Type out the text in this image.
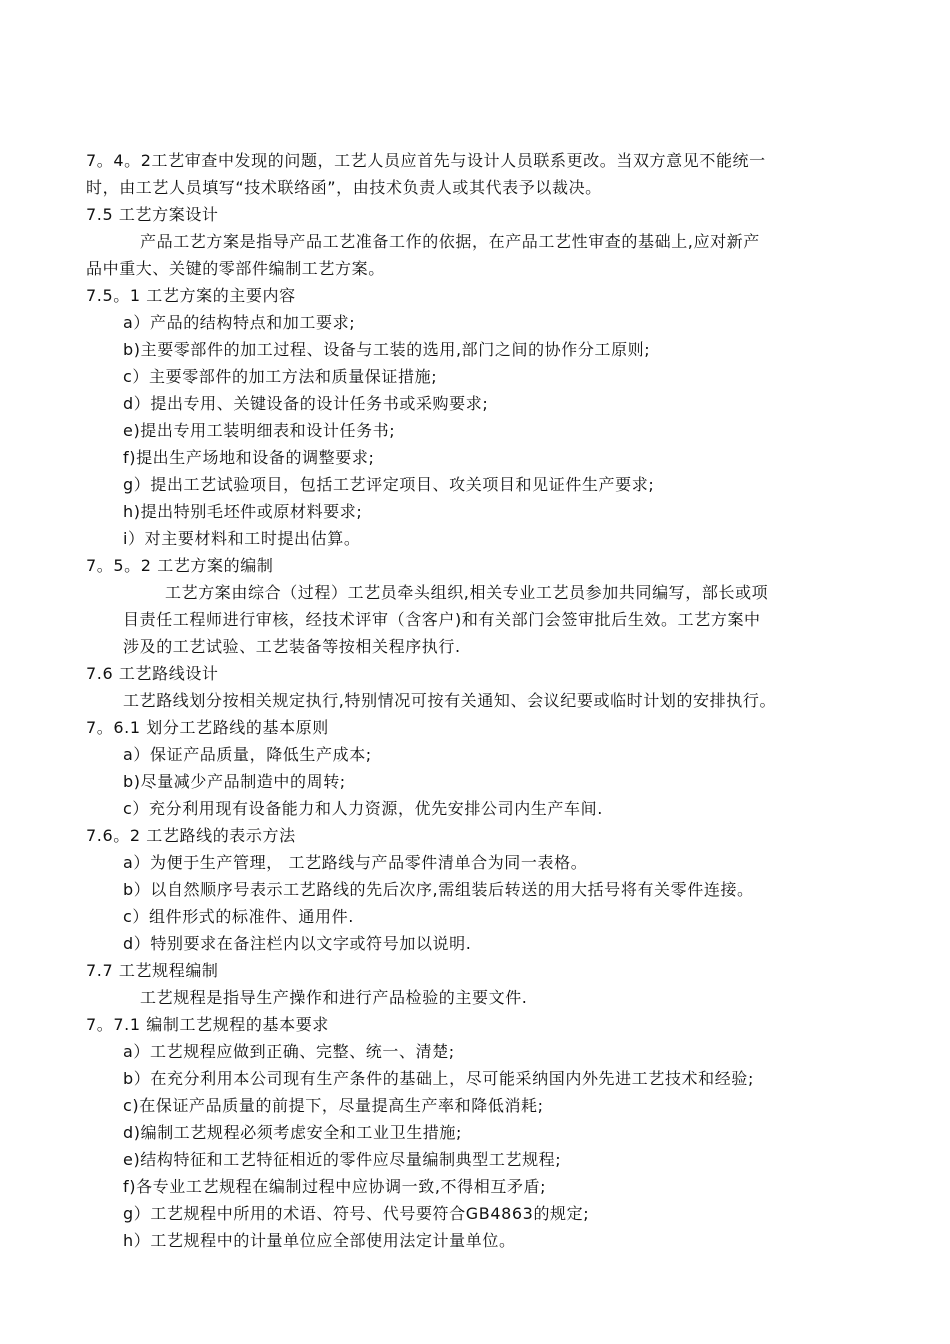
7。4。2工艺审查中发现的问题，工艺人员应首先与设计人员联系更改。当双方意见不能统一
时，由工艺人员填写“技术联络函”，由技术负责人或其代表予以裁决。
7.5 工艺方案设计
产品工艺方案是指导产品工艺准备工作的依据，在产品工艺性审查的基础上,应对新产
品中重大、关键的零部件编制工艺方案。
7.5。1 工艺方案的主要内容
a）产品的结构特点和加工要求;
b)主要零部件的加工过程、设备与工装的选用,部门之间的协作分工原则;
c）主要零部件的加工方法和质量保证措施;
d）提出专用、关键设备的设计任务书或采购要求;
e)提出专用工装明细表和设计任务书;
f)提出生产场地和设备的调整要求;
g）提出工艺试验项目，包括工艺评定项目、攻关项目和见证件生产要求;
h)提出特别毛坯件或原材料要求;
i）对主要材料和工时提出估算。
7。5。2 工艺方案的编制
工艺方案由综合（过程）工艺员牵头组织,相关专业工艺员参加共同编写，部长或项
目责任工程师进行审核，经技术评审（含客户)和有关部门会签审批后生效。工艺方案中
涉及的工艺试验、工艺装备等按相关程序执行.
7.6 工艺路线设计
工艺路线划分按相关规定执行,特别情况可按有关通知、会议纪要或临时计划的安排执行。
7。6.1 划分工艺路线的基本原则
a）保证产品质量，降低生产成本;
b)尽量减少产品制造中的周转;
c）充分利用现有设备能力和人力资源，优先安排公司内生产车间.
7.6。2 工艺路线的表示方法
a）为便于生产管理， 工艺路线与产品零件清单合为同一表格。
b）以自然顺序号表示工艺路线的先后次序,需组装后转送的用大括号将有关零件连接。
c）组件形式的标准件、通用件.
d）特别要求在备注栏内以文字或符号加以说明.
7.7 工艺规程编制
工艺规程是指导生产操作和进行产品检验的主要文件.
7。7.1 编制工艺规程的基本要求
a）工艺规程应做到正确、完整、统一、清楚;
b）在充分利用本公司现有生产条件的基础上，尽可能采纳国内外先进工艺技术和经验;
c)在保证产品质量的前提下，尽量提高生产率和降低消耗;
d)编制工艺规程必须考虑安全和工业卫生措施;
e)结构特征和工艺特征相近的零件应尽量编制典型工艺规程;
f)各专业工艺规程在编制过程中应协调一致,不得相互矛盾;
g）工艺规程中所用的术语、符号、代号要符合GB4863的规定;
h）工艺规程中的计量单位应全部使用法定计量单位。
